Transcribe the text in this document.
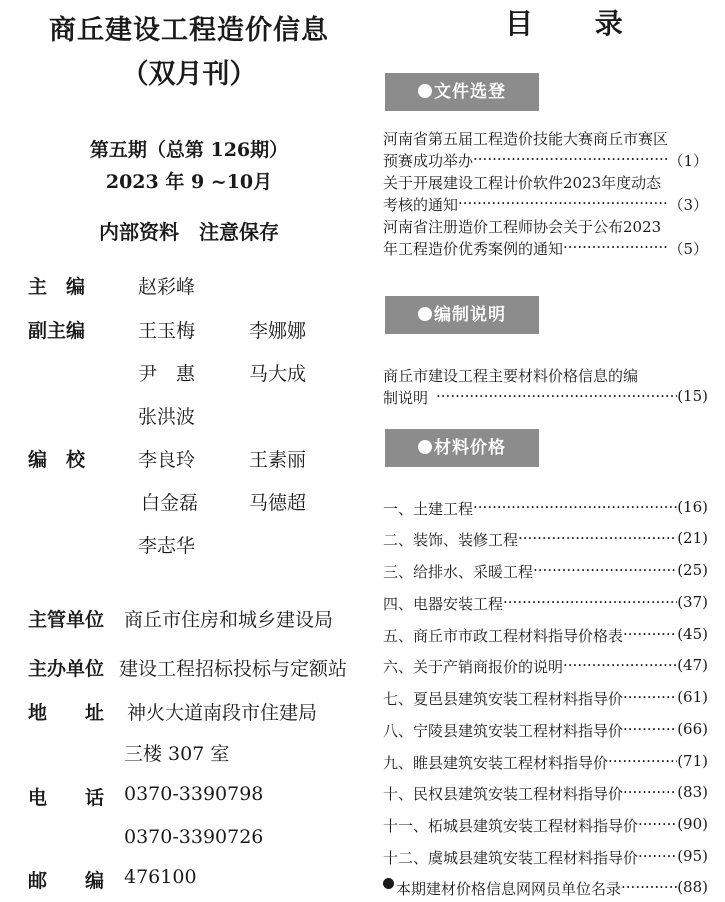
商丘建设工程造价信息
（双月刊）
第五期（总第 126期）
2023 年 9 ~10月
内部资料　注意保存
主　编	赵彩峰
副主编	王玉梅	李娜娜
尹　惠	马大成
张洪波
编　校	李良玲	王素丽
白金磊	马德超
李志华
主管单位 商丘市住房和城乡建设局
主办单位 建设工程招标投标与定额站
地　　址 神火大道南段市住建局
三楼 307 室
电　　话 0370-3390798
0370-3390726
邮　　编 476100
目 录
文件选登
河南省第五届工程造价技能大赛商丘市赛区
预赛成功举办 ·····	（1）
关于开展建设工程计价软件2023年度动态
考核的通知 ·····	（3）
河南省注册造价工程师协会关于公布2023
年工程造价优秀案例的通知 ·····	（5）
编制说明
商丘市建设工程主要材料价格信息的编
制说明 ·····	(15)
材料价格
一、土建工程 ·····	(16)
二、装饰、装修工程 ·····	(21)
三、给排水、采暖工程 ·····	(25)
四、电器安装工程 ·····	(37)
五、商丘市市政工程材料指导价格表 ·····	(45)
六、关于产销商报价的说明 ·····	(47)
七、夏邑县建筑安装工程材料指导价 ·····	(61)
八、宁陵县建筑安装工程材料指导价 ·····	(66)
九、睢县建筑安装工程材料指导价 ·····	(71)
十、民权县建筑安装工程材料指导价 ·····	(83)
十一、柘城县建筑安装工程材料指导价 ·····	(90)
十二、虞城县建筑安装工程材料指导价 ·····	(95)
本期建材价格信息网网员单位名录 ·····	(88)
